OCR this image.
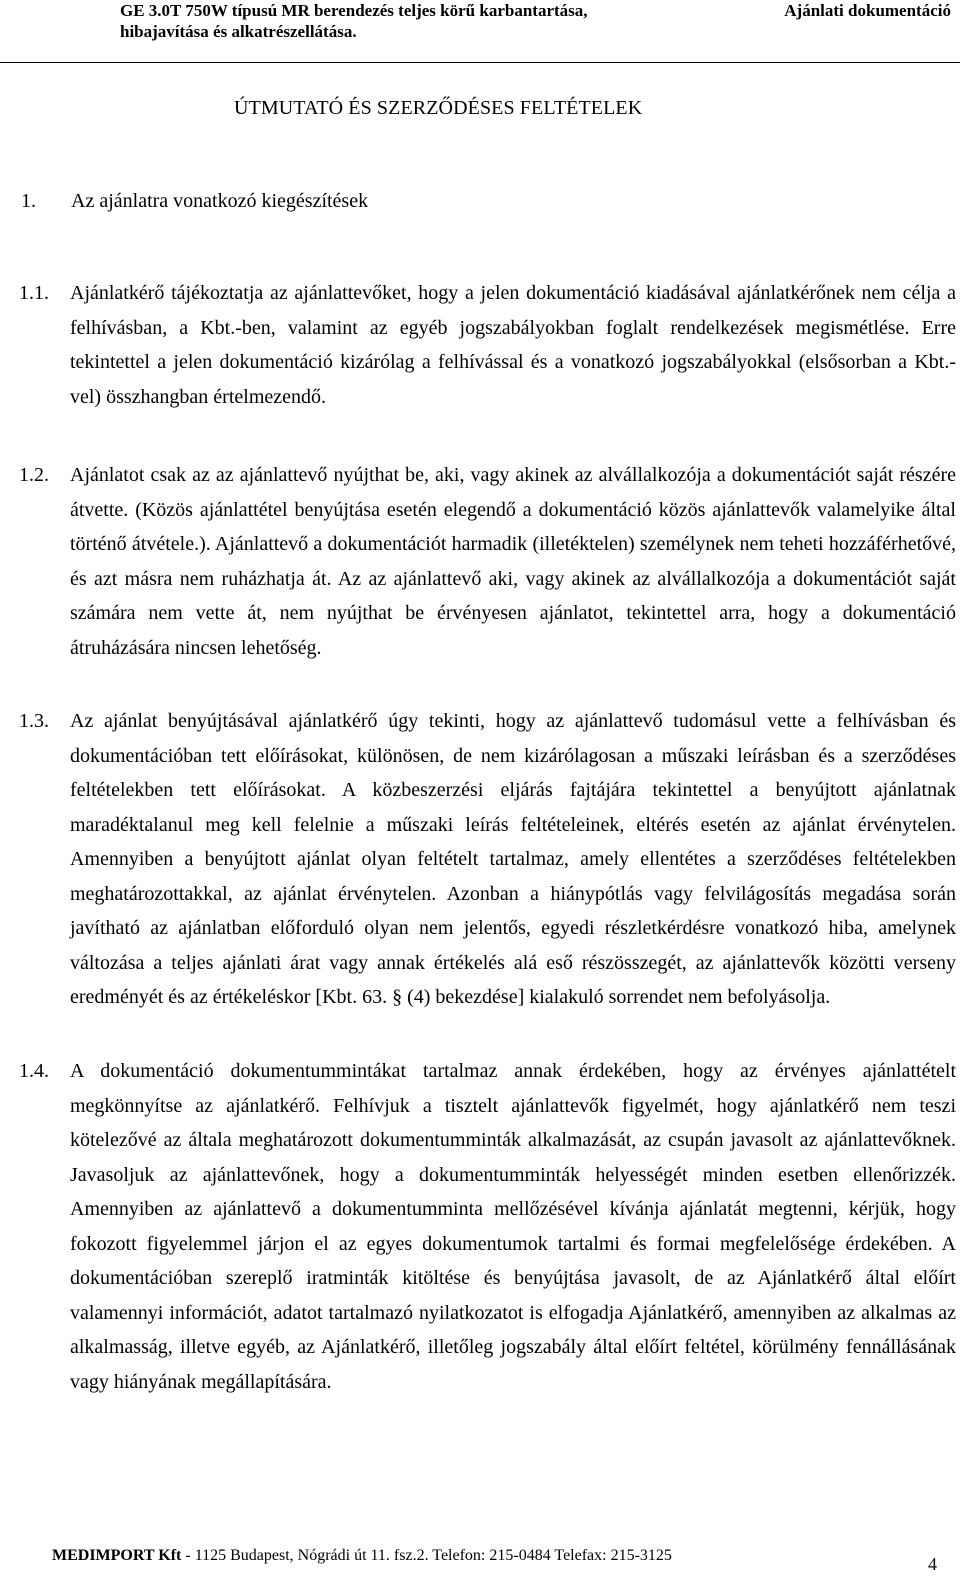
GE 3.0T 750W típusú MR berendezés teljes körű karbantartása,
hibajavítása és alkatrészellátása.
Ajánlati dokumentáció
ÚTMUTATÓ ÉS SZERZŐDÉSES FELTÉTELEK
1. Az ajánlatra vonatkozó kiegészítések
1.1. Ajánlatkérő tájékoztatja az ajánlattevőket, hogy a jelen dokumentáció kiadásával ajánlatkérőnek nem célja a felhívásban, a Kbt.-ben, valamint az egyéb jogszabályokban foglalt rendelkezések megismétlése. Erre tekintettel a jelen dokumentáció kizárólag a felhívással és a vonatkozó jogszabályokkal (elsősorban a Kbt.-vel) összhangban értelmezendő.
1.2. Ajánlatot csak az az ajánlattevő nyújthat be, aki, vagy akinek az alvállalkozója a dokumentációt saját részére átvette. (Közös ajánlattétel benyújtása esetén elegendő a dokumentáció közös ajánlattevők valamelyike által történő átvétele.). Ajánlattevő a dokumentációt harmadik (illetéktelen) személynek nem teheti hozzáférhetővé, és azt másra nem ruházhatja át. Az az ajánlattevő aki, vagy akinek az alvállalkozója a dokumentációt saját számára nem vette át, nem nyújthat be érvényesen ajánlatot, tekintettel arra, hogy a dokumentáció átruházására nincsen lehetőség.
1.3. Az ajánlat benyújtásával ajánlatkérő úgy tekinti, hogy az ajánlattevő tudomásul vette a felhívásban és dokumentációban tett előírásokat, különösen, de nem kizárólagosan a műszaki leírásban és a szerződéses feltételekben tett előírásokat. A közbeszerzési eljárás fajtájára tekintettel a benyújtott ajánlatnak maradéktalanul meg kell felelnie a műszaki leírás feltételeinek, eltérés esetén az ajánlat érvénytelen. Amennyiben a benyújtott ajánlat olyan feltételt tartalmaz, amely ellentétes a szerződéses feltételekben meghatározottakkal, az ajánlat érvénytelen. Azonban a hiánypótlás vagy felvilágosítás megadása során javítható az ajánlatban előforduló olyan nem jelentős, egyedi részletkérdésre vonatkozó hiba, amelynek változása a teljes ajánlati árat vagy annak értékelés alá eső részösszegét, az ajánlattevők közötti verseny eredményét és az értékeléskor [Kbt. 63. § (4) bekezdése] kialakuló sorrendet nem befolyásolja.
1.4. A dokumentáció dokumentummintákat tartalmaz annak érdekében, hogy az érvényes ajánlattételt megkönnyítse az ajánlatkérő. Felhívjuk a tisztelt ajánlattevők figyelmét, hogy ajánlatkérő nem teszi kötelezővé az általa meghatározott dokumentumminták alkalmazását, az csupán javasolt az ajánlattevőknek. Javasoljuk az ajánlattevőnek, hogy a dokumentumminták helyességét minden esetben ellenőrizzék. Amennyiben az ajánlattevő a dokumentumminta mellőzésével kívánja ajánlatát megtenni, kérjük, hogy fokozott figyelemmel járjon el az egyes dokumentumok tartalmi és formai megfelelősége érdekében. A dokumentációban szereplő iratminták kitöltése és benyújtása javasolt, de az Ajánlatkérő által előírt valamennyi információt, adatot tartalmazó nyilatkozatot is elfogadja Ajánlatkérő, amennyiben az alkalmas az alkalmasság, illetve egyéb, az Ajánlatkérő, illetőleg jogszabály által előírt feltétel, körülmény fennállásának vagy hiányának megállapítására.
MEDIMPORT Kft - 1125 Budapest, Nógrádi út 11. fsz.2. Telefon: 215-0484 Telefax: 215-3125	4
